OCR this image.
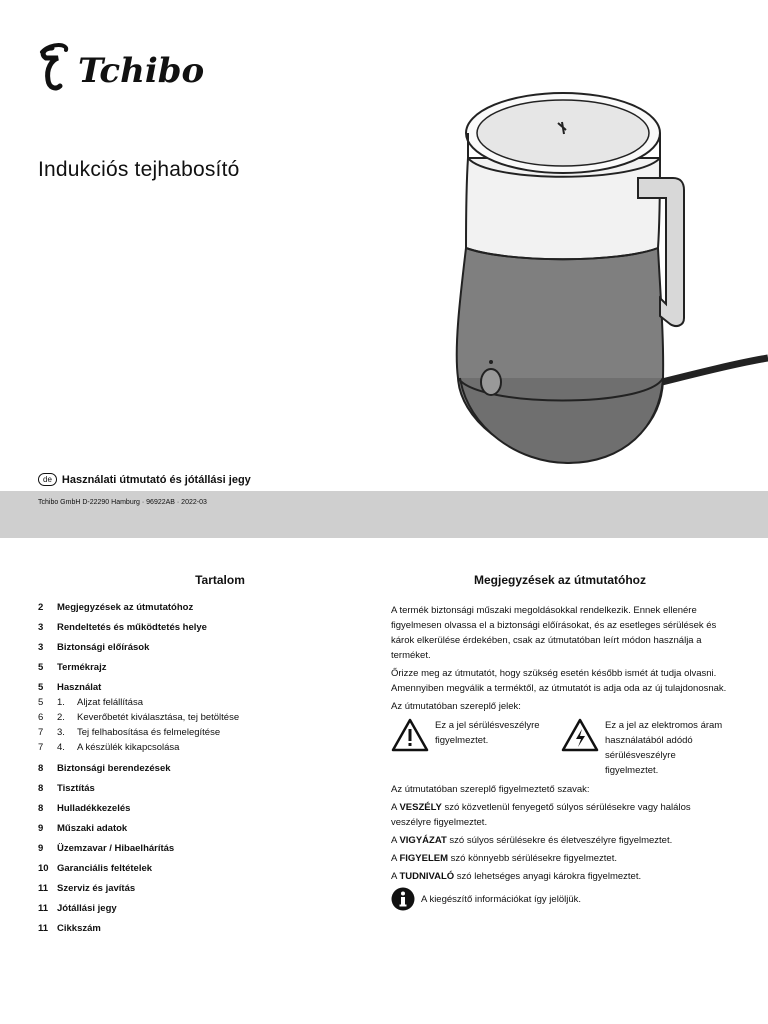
Tchibo
Indukciós tejhabosító
de Használati útmutató és jótállási jegy
Tchibo GmbH D-22290 Hamburg · 96922AB · 2022-03
Tartalom
2	Megjegyzések az útmutatóhoz
3	Rendeltetés és működtetés helye
3	Biztonsági előírások
5	Termékrajz
5	Használat
5	1.	Aljzat felállítása
6	2.	Keverőbetét kiválasztása, tej betöltése
7	3.	Tej felhabosítása és felmelegítése
7	4.	A készülék kikapcsolása
8	Biztonsági berendezések
8	Tisztítás
8	Hulladékkezelés
9	Műszaki adatok
9	Üzemzavar / Hibaelhárítás
10 Garanciális feltételek
11 Szerviz és javítás
11 Jótállási jegy
11 Cikkszám
Megjegyzések az útmutatóhoz

A termék biztonsági műszaki megoldásokkal rendelkezik. Ennek ellenére figyelmesen olvassa el a biztonsági előírásokat, és az esetleges sérülések és károk elkerülése érdekében, csak az útmutatóban leírt módon használja a terméket.

Őrizze meg az útmutatót, hogy szükség esetén később ismét át tudja olvasni. Amennyiben megválik a terméktől, az útmutatót is adja oda az új tulajdonosnak.

Az útmutatóban szereplő jelek:

Ez a jel sérülésveszélyre figyelmeztet.
Ez a jel az elektromos áram használatából adódó sérülésveszélyre figyelmeztet.

Az útmutatóban szereplő figyelmeztető szavak:

A VESZÉLY szó közvetlenül fenyegető súlyos sérülésekre vagy halálos veszélyre figyelmeztet.

A VIGYÁZAT szó súlyos sérülésekre és életveszélyre figyelmeztet.

A FIGYELEM szó könnyebb sérülésekre figyelmeztet.

A TUDNIVALÓ szó lehetséges anyagi károkra figyelmeztet.

A kiegészítő információkat így jelöljük.
